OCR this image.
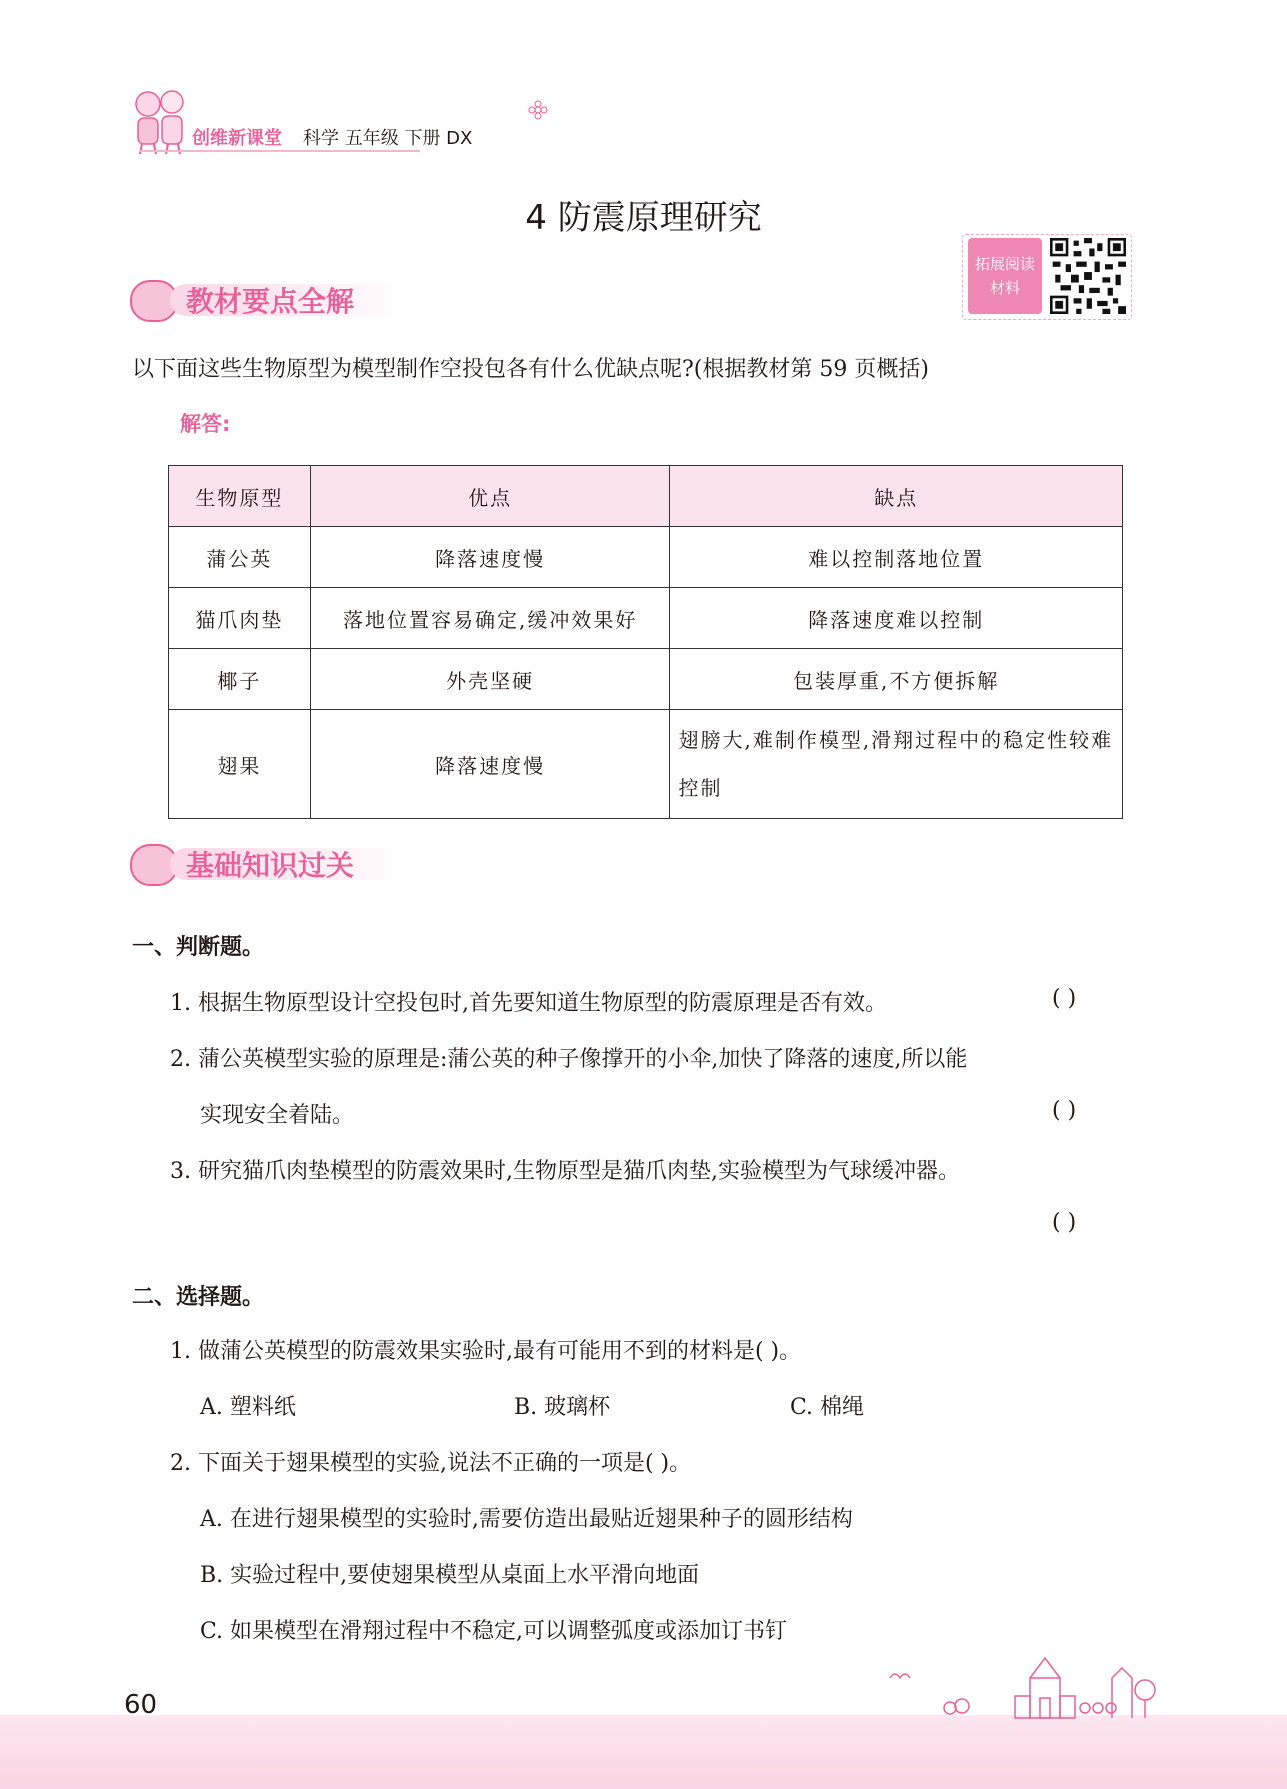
创维新课堂 科学 五年级 下册 DX
4 防震原理研究
拓展阅读
材料
教材要点全解
以下面这些生物原型为模型制作空投包各有什么优缺点呢?(根据教材第 59 页概括)
解答:
生物原型	优点	缺点
蒲公英	降落速度慢	难以控制落地位置
猫爪肉垫	落地位置容易确定,缓冲效果好	降落速度难以控制
椰子	外壳坚硬	包装厚重,不方便拆解
翅果	降落速度慢	翅膀大,难制作模型,滑翔过程中的稳定性较难控制
基础知识过关
一、判断题。
1. 根据生物原型设计空投包时,首先要知道生物原型的防震原理是否有效。	( )
2. 蒲公英模型实验的原理是:蒲公英的种子像撑开的小伞,加快了降落的速度,所以能
实现安全着陆。	( )
3. 研究猫爪肉垫模型的防震效果时,生物原型是猫爪肉垫,实验模型为气球缓冲器。
( )
二、选择题。
1. 做蒲公英模型的防震效果实验时,最有可能用不到的材料是( )。
A. 塑料纸	B. 玻璃杯	C. 棉绳
2. 下面关于翅果模型的实验,说法不正确的一项是( )。
A. 在进行翅果模型的实验时,需要仿造出最贴近翅果种子的圆形结构
B. 实验过程中,要使翅果模型从桌面上水平滑向地面
C. 如果模型在滑翔过程中不稳定,可以调整弧度或添加订书钉
60
